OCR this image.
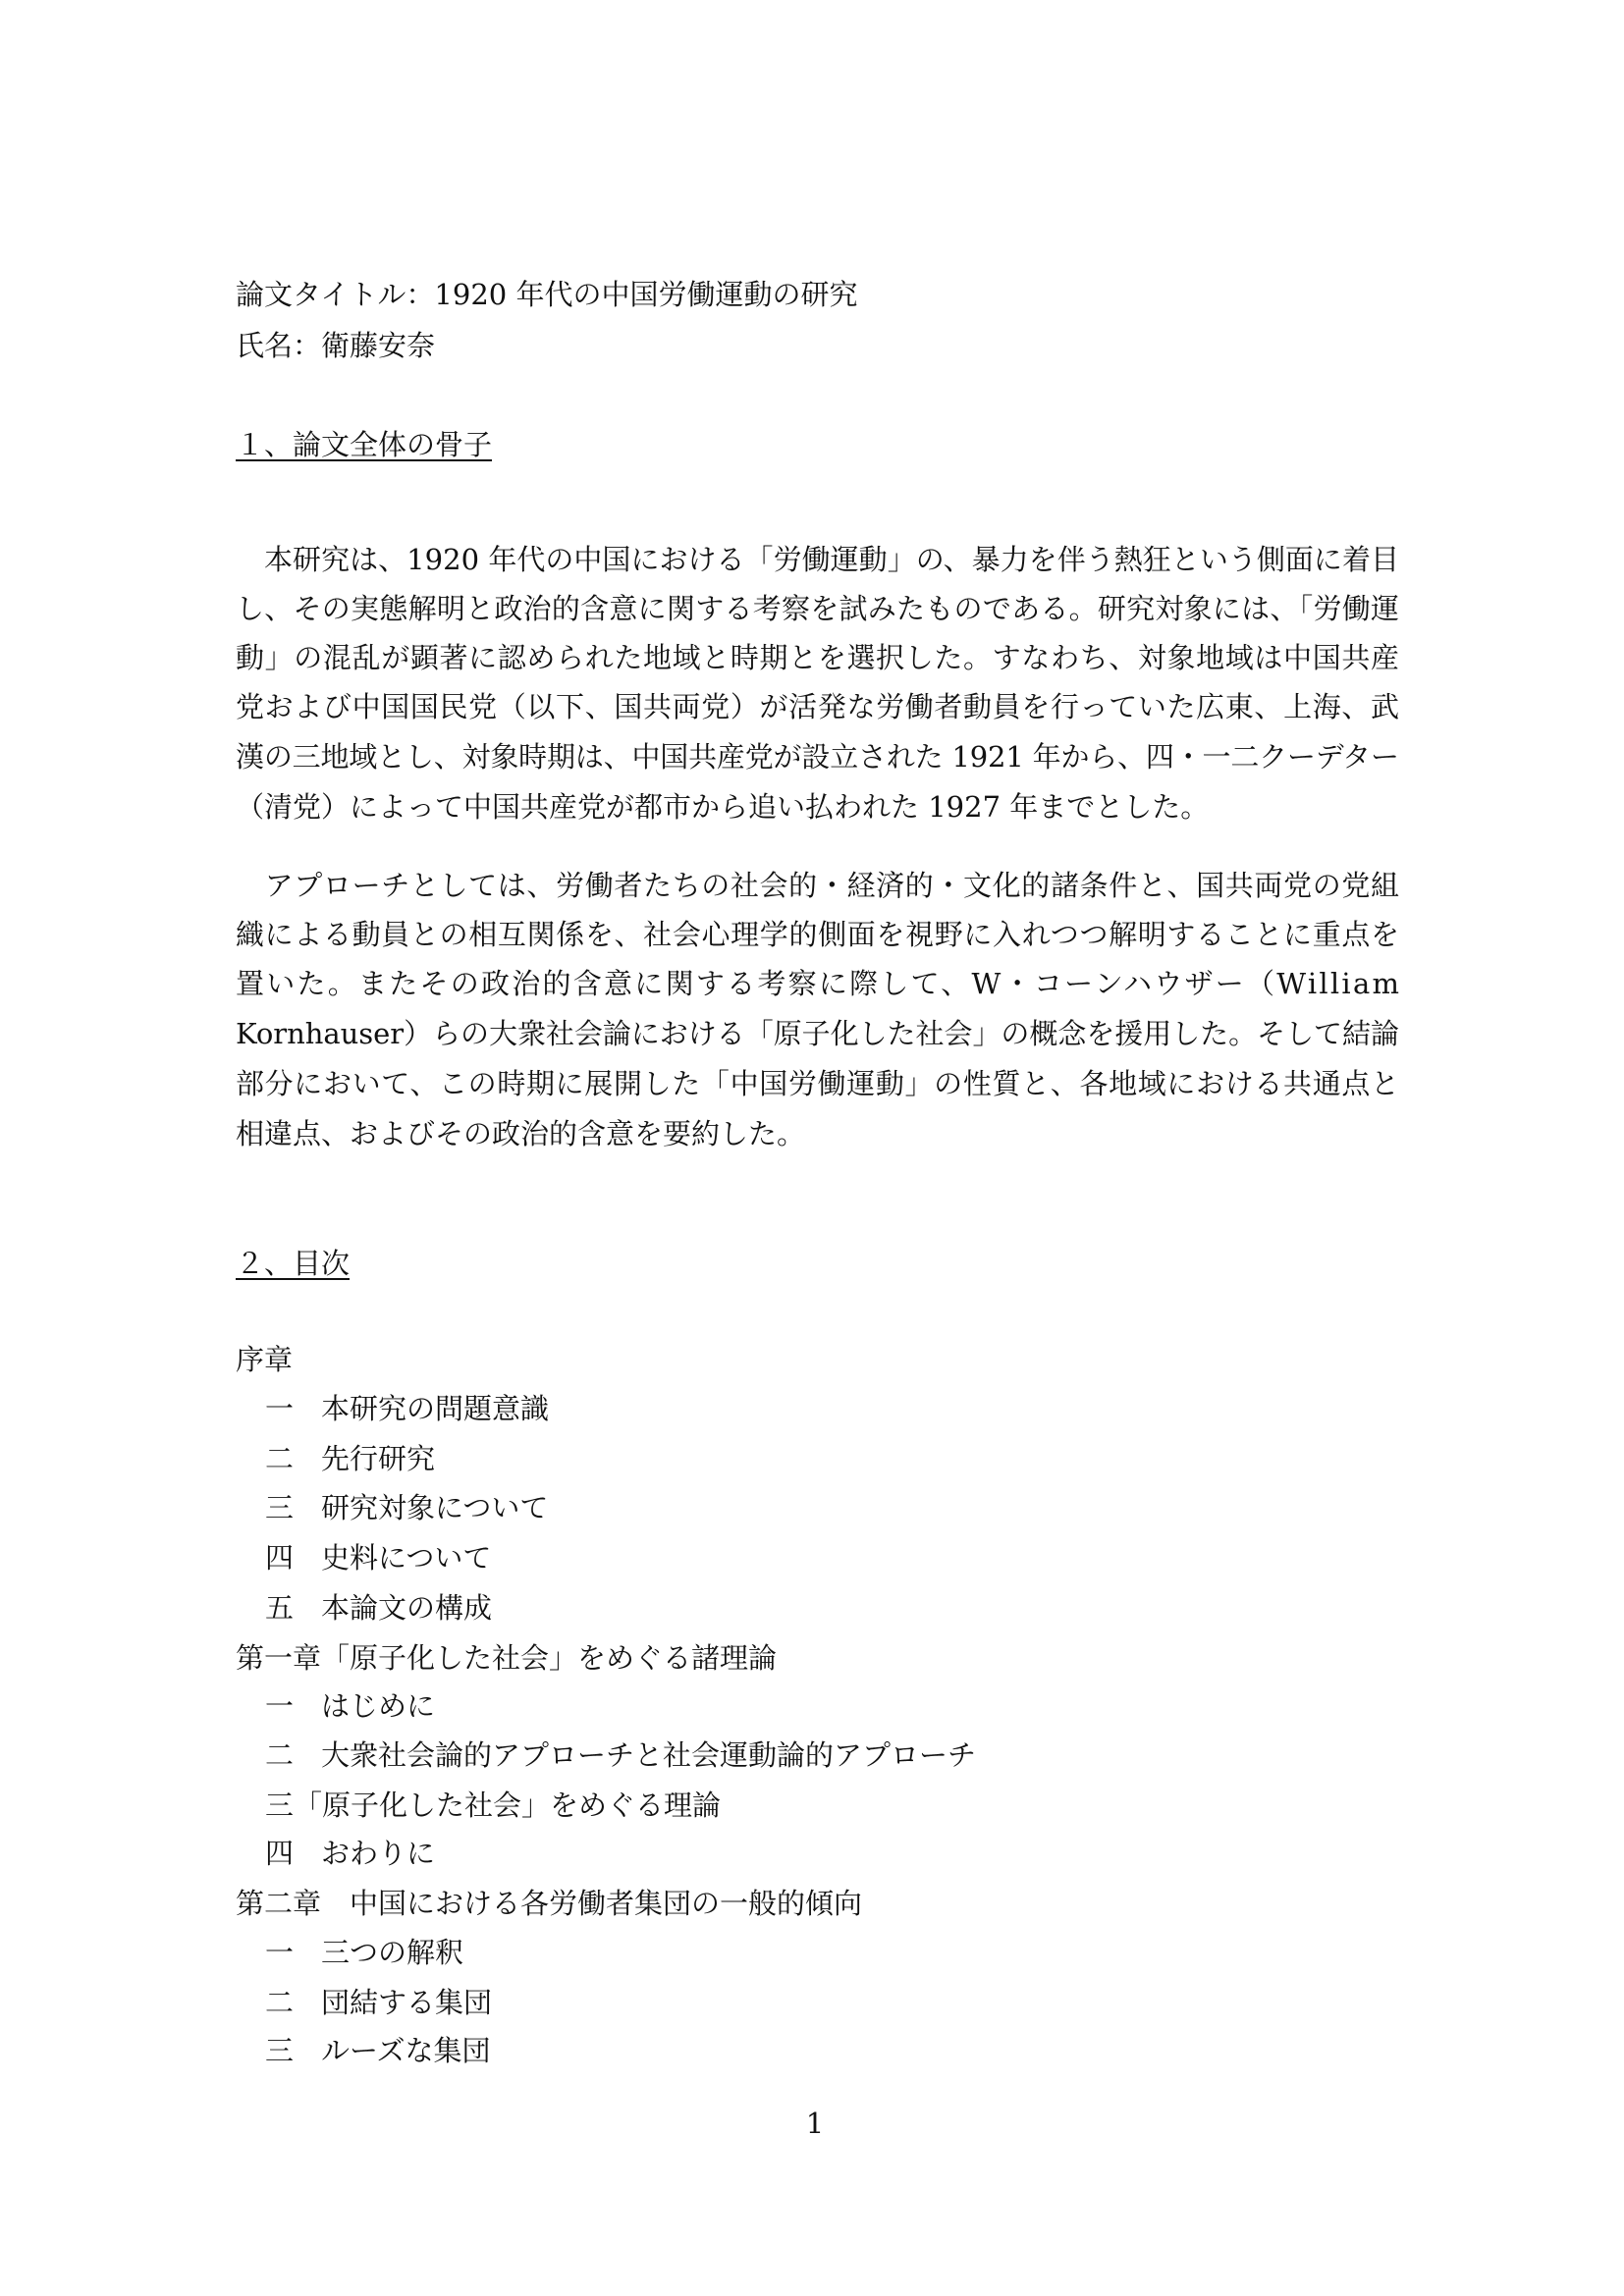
論文タイトル：1920 年代の中国労働運動の研究
氏名：衛藤安奈
１、論文全体の骨子
　本研究は、1920 年代の中国における「労働運動」の、暴力を伴う熱狂という側面に着目
し、その実態解明と政治的含意に関する考察を試みたものである。研究対象には、「労働運
動」の混乱が顕著に認められた地域と時期とを選択した。すなわち、対象地域は中国共産
党および中国国民党（以下、国共両党）が活発な労働者動員を行っていた広東、上海、武
漢の三地域とし、対象時期は、中国共産党が設立された 1921 年から、四・一二クーデター
（清党）によって中国共産党が都市から追い払われた 1927 年までとした。
　アプローチとしては、労働者たちの社会的・経済的・文化的諸条件と、国共両党の党組
織による動員との相互関係を、社会心理学的側面を視野に入れつつ解明することに重点を
置いた。またその政治的含意に関する考察に際して、W・コーンハウザー（William
Kornhauser）らの大衆社会論における「原子化した社会」の概念を援用した。そして結論
部分において、この時期に展開した「中国労働運動」の性質と、各地域における共通点と
相違点、およびその政治的含意を要約した。
２、目次
序章
一 本研究の問題意識
二 先行研究
三 研究対象について
四 史料について
五 本論文の構成
第一章「原子化した社会」をめぐる諸理論
一 はじめに
二 大衆社会論的アプローチと社会運動論的アプローチ
三 「原子化した社会」をめぐる理論
四 おわりに
第二章　中国における各労働者集団の一般的傾向
一 三つの解釈
二 団結する集団
三 ルーズな集団
1
